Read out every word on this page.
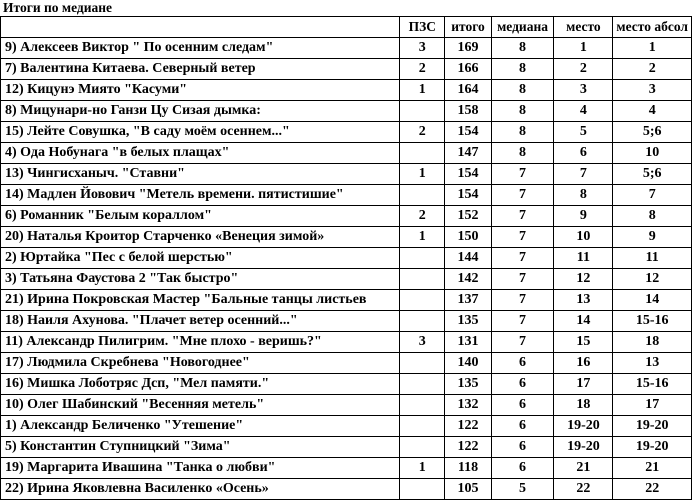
Итоги по медиане
	ПЗС	итого	медиана	место	место абсол
9) Алексеев Виктор " По осенним следам"	3	169	8	1	1
7) Валентина Китаева. Северный ветер	2	166	8	2	2
12) Кицунэ Миято "Касуми"	1	164	8	3	3
8) Мицунари-но Ганзи Цу Сизая дымка:		158	8	4	4
15) Лейте Совушка, "В саду моём осеннем..."	2	154	8	5	5;6
4) Ода Нобунага "в белых плащах"		147	8	6	10
13) Чингисханыч. "Ставни"	1	154	7	7	5;6
14) Мадлен Йовович "Метель времени. пятистишие"		154	7	8	7
6) Романник "Белым кораллом"	2	152	7	9	8
20) Наталья Кроитор Старченко «Венеция зимой»	1	150	7	10	9
2) Юртайка "Пес с белой шерстью"		144	7	11	11
3) Татьяна Фаустова 2 "Так быстро"		142	7	12	12
21) Ирина Покровская Мастер "Бальные танцы листьев		137	7	13	14
18) Наиля Ахунова. "Плачет ветер осенний..."		135	7	14	15-16
11) Александр Пилигрим. "Мне плохо - веришь?"	3	131	7	15	18
17) Людмила Скребнева "Новогоднее"		140	6	16	13
16) Мишка Лоботряс Дсп, "Мел памяти."		135	6	17	15-16
10) Олег Шабинский "Весенняя метель"		132	6	18	17
1) Александр Беличенко "Утешение"		122	6	19-20	19-20
5) Константин Ступницкий "Зима"		122	6	19-20	19-20
19) Маргарита Ивашина "Танка о любви"	1	118	6	21	21
22) Ирина Яковлевна Василенко «Осень»		105	5	22	22
